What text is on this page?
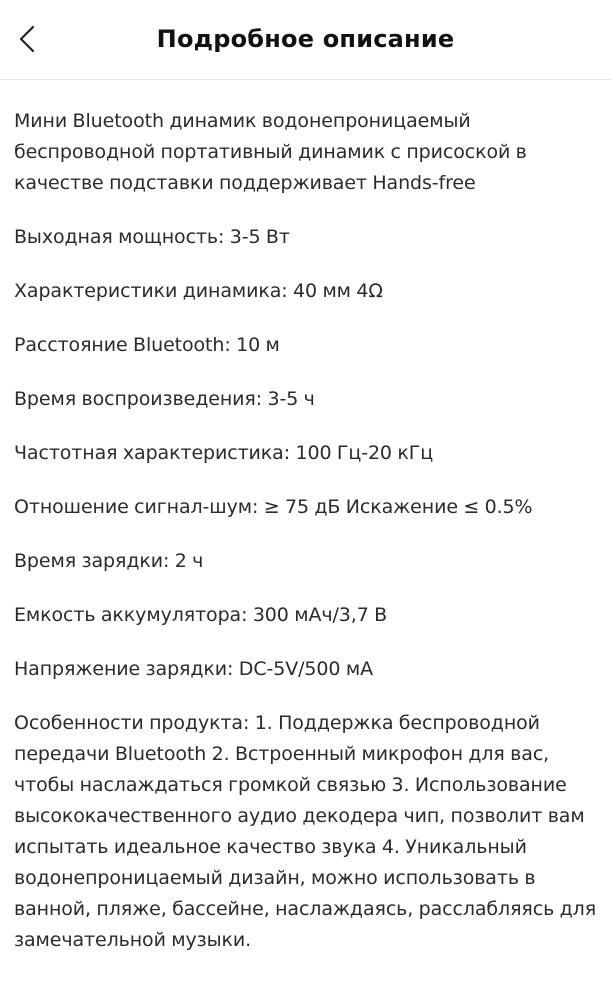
Подробное описание

Мини Bluetooth динамик водонепроницаемый беспроводной портативный динамик с присоской в качестве подставки поддерживает Hands-free

Выходная мощность: 3-5 Вт

Характеристики динамика: 40 мм 4Ω

Расстояние Bluetooth: 10 м

Время воспроизведения: 3-5 ч

Частотная характеристика: 100 Гц-20 кГц

Отношение сигнал-шум: ≥ 75 дБ Искажение ≤ 0.5%

Время зарядки: 2 ч

Емкость аккумулятора: 300 мАч/3,7 В

Напряжение зарядки: DC-5V/500 мА

Особенности продукта: 1. Поддержка беспроводной передачи Bluetooth 2. Встроенный микрофон для вас, чтобы наслаждаться громкой связью 3. Использование высококачественного аудио декодера чип, позволит вам испытать идеальное качество звука 4. Уникальный водонепроницаемый дизайн, можно использовать в ванной, пляже, бассейне, наслаждаясь, расслабляясь для замечательной музыки.
